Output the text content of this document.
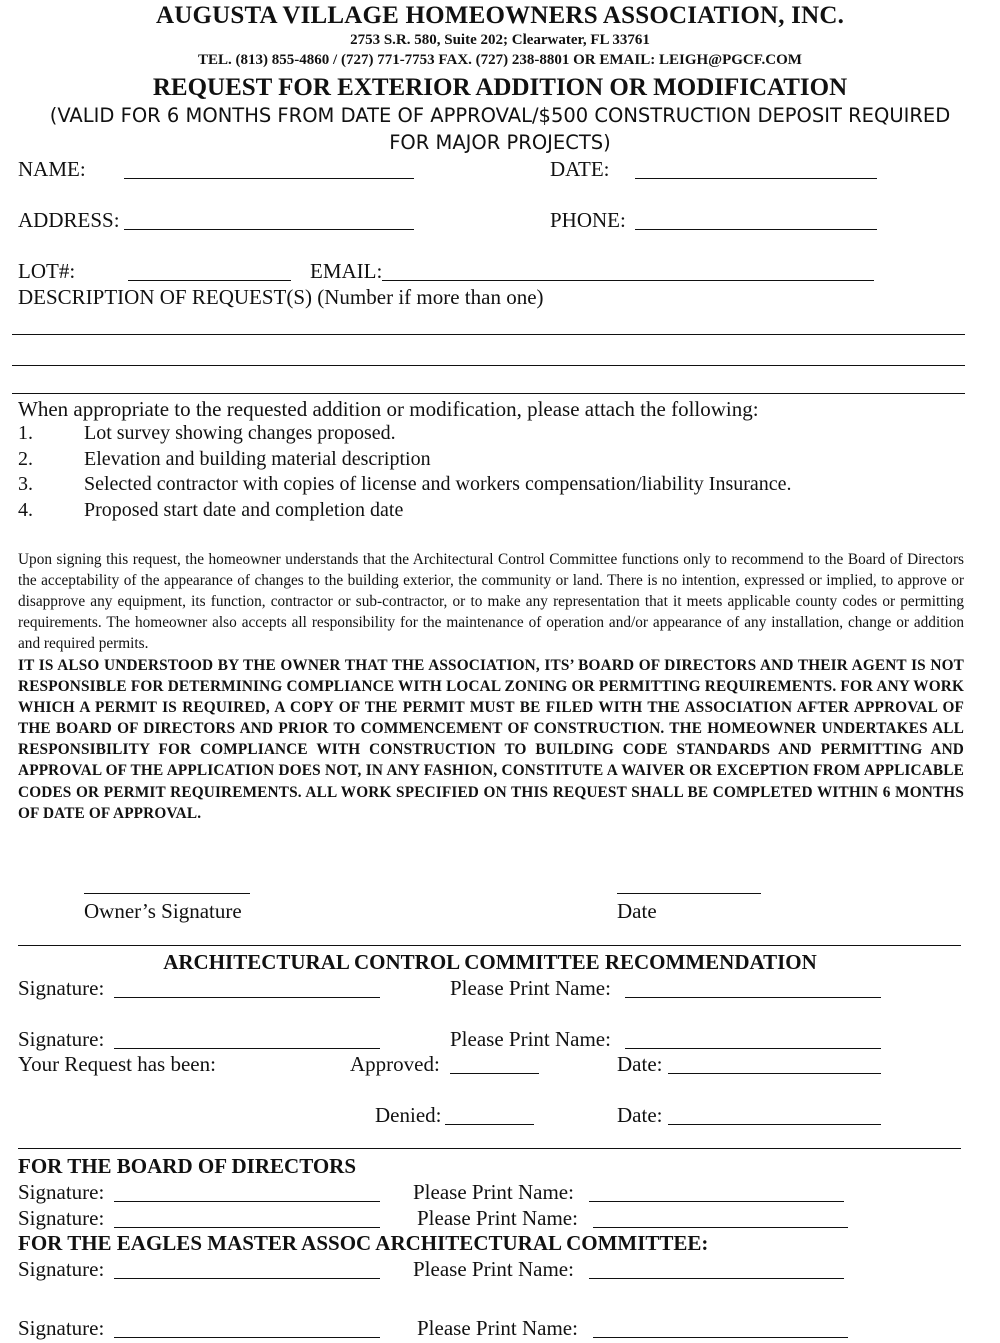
AUGUSTA VILLAGE HOMEOWNERS ASSOCIATION, INC.
2753 S.R. 580, Suite 202; Clearwater, FL 33761
TEL. (813) 855-4860 / (727) 771-7753 FAX. (727) 238-8801 OR EMAIL: LEIGH@PGCF.COM
REQUEST FOR EXTERIOR ADDITION OR MODIFICATION
(VALID FOR 6 MONTHS FROM DATE OF APPROVAL/$500 CONSTRUCTION DEPOSIT REQUIRED
FOR MAJOR PROJECTS)
NAME:	DATE:
ADDRESS:	PHONE:
LOT#:	EMAIL:
DESCRIPTION OF REQUEST(S) (Number if more than one)
When appropriate to the requested addition or modification, please attach the following:
1.	Lot survey showing changes proposed.
2.	Elevation and building material description
3.	Selected contractor with copies of license and workers compensation/liability Insurance.
4.	Proposed start date and completion date
Upon signing this request, the homeowner understands that the Architectural Control Committee functions only to recommend to the Board of Directors the acceptability of the appearance of changes to the building exterior, the community or land. There is no intention, expressed or implied, to approve or disapprove any equipment, its function, contractor or sub-contractor, or to make any representation that it meets applicable county codes or permitting requirements. The homeowner also accepts all responsibility for the maintenance of operation and/or appearance of any installation, change or addition and required permits.
IT IS ALSO UNDERSTOOD BY THE OWNER THAT THE ASSOCIATION, ITS’ BOARD OF DIRECTORS AND THEIR AGENT IS NOT RESPONSIBLE FOR DETERMINING COMPLIANCE WITH LOCAL ZONING OR PERMITTING REQUIREMENTS. FOR ANY WORK WHICH A PERMIT IS REQUIRED, A COPY OF THE PERMIT MUST BE FILED WITH THE ASSOCIATION AFTER APPROVAL OF THE BOARD OF DIRECTORS AND PRIOR TO COMMENCEMENT OF CONSTRUCTION. THE HOMEOWNER UNDERTAKES ALL RESPONSIBILITY FOR COMPLIANCE WITH CONSTRUCTION TO BUILDING CODE STANDARDS AND PERMITTING AND APPROVAL OF THE APPLICATION DOES NOT, IN ANY FASHION, CONSTITUTE A WAIVER OR EXCEPTION FROM APPLICABLE CODES OR PERMIT REQUIREMENTS. ALL WORK SPECIFIED ON THIS REQUEST SHALL BE COMPLETED WITHIN 6 MONTHS OF DATE OF APPROVAL.
Owner’s Signature	Date
ARCHITECTURAL CONTROL COMMITTEE RECOMMENDATION
Signature:	Please Print Name:
Signature:	Please Print Name:
Your Request has been:	Approved:	Date:
Denied:	Date:
FOR THE BOARD OF DIRECTORS
Signature:	Please Print Name:
Signature:	Please Print Name:
FOR THE EAGLES MASTER ASSOC ARCHITECTURAL COMMITTEE:
Signature:	Please Print Name:
Signature:	Please Print Name:
